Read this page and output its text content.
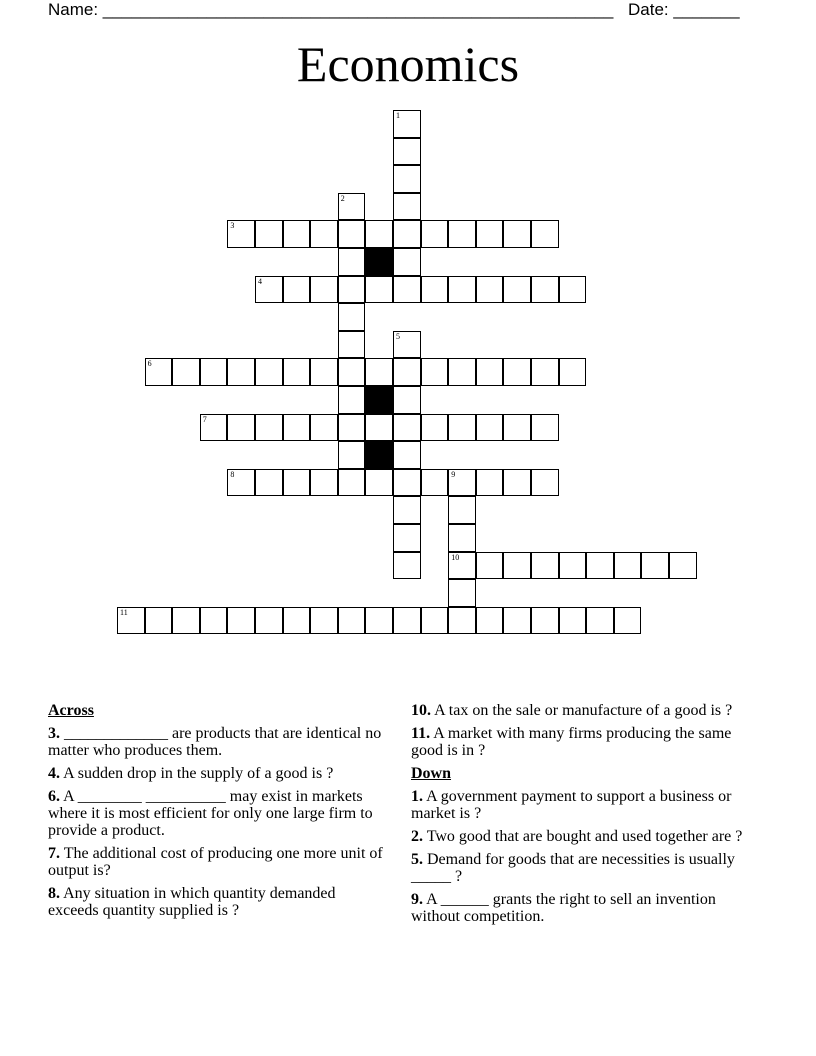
Name: ______________________________________________________ Date: _______
Economics
1
2
3
4
5
6
7
8	9
10
11
Across
3. _____________ are products that are identical no matter who produces them.
4. A sudden drop in the supply of a good is ?
6. A ________ __________ may exist in markets where it is most efficient for only one large firm to provide a product.
7. The additional cost of producing one more unit of output is?
8. Any situation in which quantity demanded exceeds quantity supplied is ?
10. A tax on the sale or manufacture of a good is ?
11. A market with many firms producing the same good is in ?
Down
1. A government payment to support a business or market is ?
2. Two good that are bought and used together are ?
5. Demand for goods that are necessities is usually _____ ?
9. A ______ grants the right to sell an invention without competition.
